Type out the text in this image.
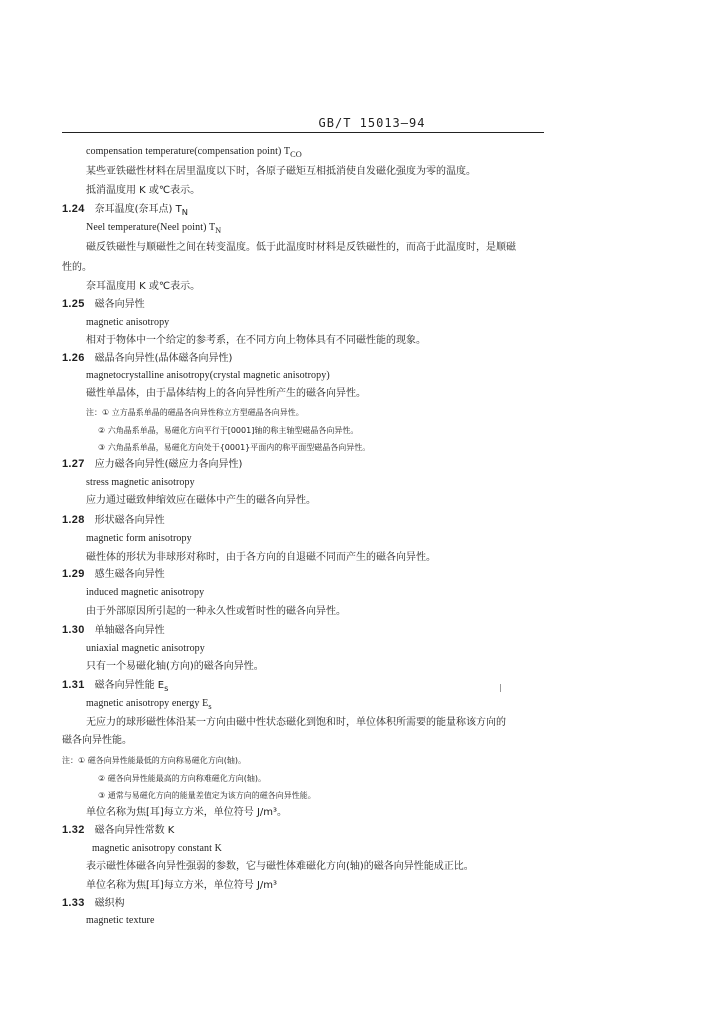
GB/T 15013—94
compensation temperature(compensation point) $T_{CO}$
某些亚铁磁性材料在居里温度以下时，各原子磁矩互相抵消使自发磁化强度为零的温度。
抵消温度用 K 或℃表示。
1.24 奈耳温度(奈耳点) $T_N$
Neel temperature(Neel point) $T_N$
磁反铁磁性与顺磁性之间在转变温度。低于此温度时材料是反铁磁性的，而高于此温度时，是顺磁
性的。
奈耳温度用 K 或℃表示。
1.25 磁各向异性
magnetic anisotropy
相对于物体中一个给定的参考系，在不同方向上物体具有不同磁性能的现象。
1.26 磁晶各向异性(晶体磁各向异性)
magnetocrystalline anisotropy(crystal magnetic anisotropy)
磁性单晶体，由于晶体结构上的各向异性所产生的磁各向异性。
注：① 立方晶系单晶的磁晶各向异性称立方型磁晶各向异性。
② 六角晶系单晶，易磁化方向平行于[0001]轴的称主轴型磁晶各向异性。
③ 六角晶系单晶，易磁化方向处于{0001}平面内的称平面型磁晶各向异性。
1.27 应力磁各向异性(磁应力各向异性)
stress magnetic anisotropy
应力通过磁致伸缩效应在磁体中产生的磁各向异性。
1.28 形状磁各向异性
magnetic form anisotropy
磁性体的形状为非球形对称时，由于各方向的自退磁不同而产生的磁各向异性。
1.29 感生磁各向异性
induced magnetic anisotropy
由于外部原因所引起的一种永久性或暂时性的磁各向异性。
1.30 单轴磁各向异性
uniaxial magnetic anisotropy
只有一个易磁化轴(方向)的磁各向异性。
1.31 磁各向异性能 $E_s$
magnetic anisotropy energy $E_s$
无应力的球形磁性体沿某一方向由磁中性状态磁化到饱和时，单位体积所需要的能量称该方向的
磁各向异性能。
注：① 磁各向异性能最低的方向称易磁化方向(轴)。
② 磁各向异性能最高的方向称难磁化方向(轴)。
③ 通常与易磁化方向的能量差值定为该方向的磁各向异性能。
单位名称为焦[耳]每立方米，单位符号 J/m³。
1.32 磁各向异性常数 K
magnetic anisotropy constant K
表示磁性体磁各向异性强弱的参数，它与磁性体难磁化方向(轴)的磁各向异性能成正比。
单位名称为焦[耳]每立方米，单位符号 J/m³
1.33 磁织构
magnetic texture
